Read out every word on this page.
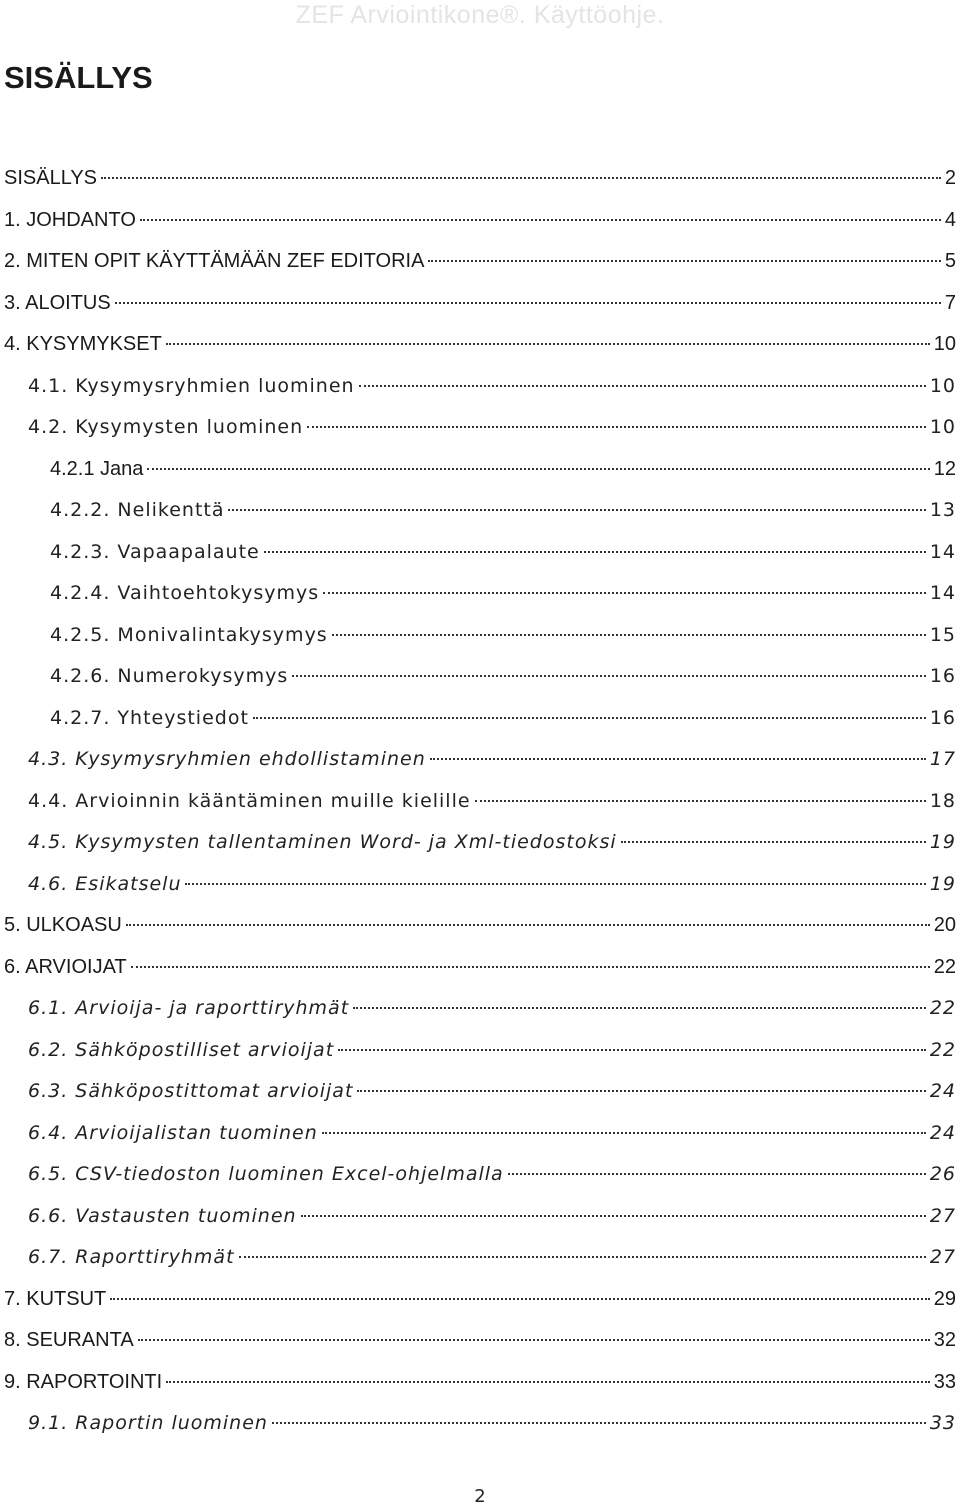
ZEF Arviointikone®. Käyttöohje.
SISÄLLYS
SISÄLLYS	2
1. JOHDANTO	4
2. MITEN OPIT KÄYTTÄMÄÄN ZEF EDITORIA	5
3. ALOITUS	7
4. KYSYMYKSET	10
4.1. Kysymysryhmien luominen	10
4.2. Kysymysten luominen	10
4.2.1 Jana	12
4.2.2. Nelikenttä	13
4.2.3. Vapaapalaute	14
4.2.4. Vaihtoehtokysymys	14
4.2.5. Monivalintakysymys	15
4.2.6. Numerokysymys	16
4.2.7. Yhteystiedot	16
4.3. Kysymysryhmien ehdollistaminen	17
4.4. Arvioinnin kääntäminen muille kielille	18
4.5. Kysymysten tallentaminen Word- ja Xml-tiedostoksi	19
4.6. Esikatselu	19
5. ULKOASU	20
6. ARVIOIJAT	22
6.1. Arvioija- ja raporttiryhmät	22
6.2. Sähköpostilliset arvioijat	22
6.3. Sähköpostittomat arvioijat	24
6.4. Arvioijalistan tuominen	24
6.5. CSV-tiedoston luominen Excel-ohjelmalla	26
6.6. Vastausten tuominen	27
6.7. Raporttiryhmät	27
7. KUTSUT	29
8. SEURANTA	32
9. RAPORTOINTI	33
9.1. Raportin luominen	33
2
